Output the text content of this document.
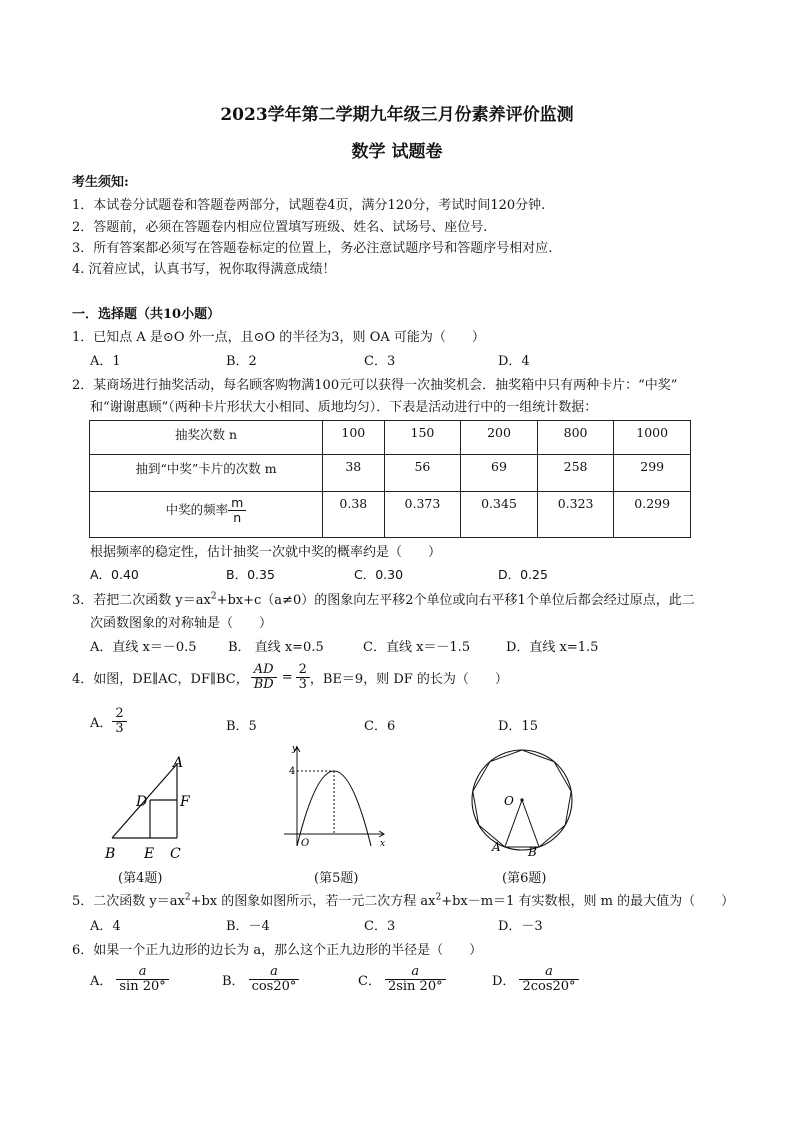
2023学年第二学期九年级三月份素养评价监测
数学 试题卷
考生须知:
1．本试卷分试题卷和答题卷两部分，试题卷4页，满分120分，考试时间120分钟.
2．答题前，必须在答题卷内相应位置填写班级、姓名、试场号、座位号.
3．所有答案都必须写在答题卷标定的位置上，务必注意试题序号和答题序号相对应.
4. 沉着应试，认真书写，祝你取得满意成绩！
一．选择题（共10小题）
1．已知点 A 是⊙O 外一点，且⊙O 的半径为3，则 OA 可能为（　　）
A．1	B．2	C．3	D．4
2．某商场进行抽奖活动，每名顾客购物满100元可以获得一次抽奖机会．抽奖箱中只有两种卡片：“中奖”
和“谢谢惠顾”（两种卡片形状大小相同、质地均匀）．下表是活动进行中的一组统计数据：
抽奖次数 n	100	150	200	800	1000
抽到“中奖”卡片的次数 m	38	56	69	258	299
中奖的频率 $\frac{m}{n}$	0.38	0.373	0.345	0.323	0.299
根据频率的稳定性，估计抽奖一次就中奖的概率约是（　　）
A．0.40	B．0.35	C．0.30	D．0.25
3．若把二次函数 $y=ax^2+bx+c(a\ne 0)$的图象向左平移2个单位或向右平移1个单位后都会经过原点，此二
次函数图象的对称轴是（　　）
A．直线 x＝－0.5 B． 直线 x=0.5	C．直线 x＝－1.5	D．直线 x=1.5
4．如图，DE∥AC，DF∥BC， $\frac{AD}{BD} = \frac{2}{3}$ ，BE＝9，则 DF 的长为（　　）
A． $\frac{2}{3}$	B．5	C．6	D．15
A
D F
B E C
(第4题)
y
x
O
4
(第5题)
O
A B
(第6题)
5．二次函数 $y=ax^2+bx$ 的图象如图所示，若一元二次方程 $ax^2+bx-m=1$ 有实数根，则 m 的最大值为（　　）
A．4	B．－4	C．3	D．－3
6．如果一个正九边形的边长为 a，那么这个正九边形的半径是（　　）
A． $\frac{a}{\sin 20^\circ}$	B． $\frac{a}{\cos 20^\circ}$	C． $\frac{a}{2\sin 20^\circ}$	D． $\frac{a}{2\cos 20^\circ}$
